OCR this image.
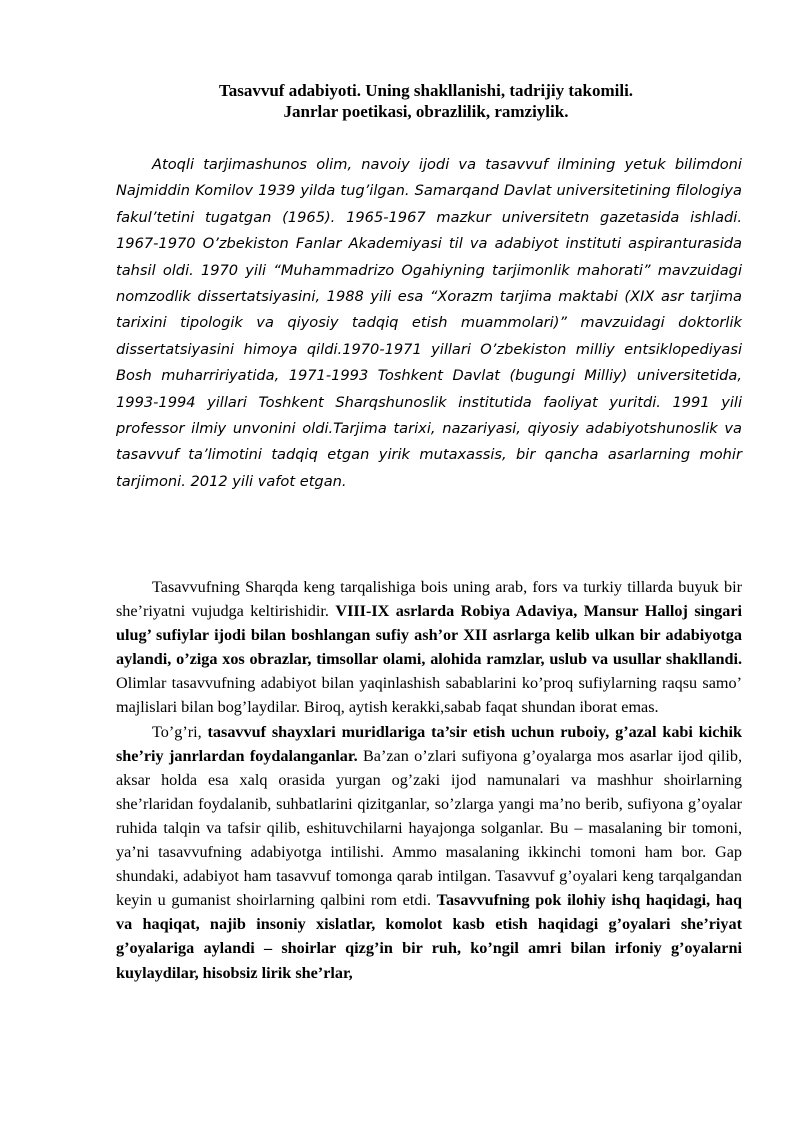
Tasavvuf adabiyoti. Uning shakllanishi, tadrijiy takomili.
Janrlar poetikasi, obrazlilik, ramziylik.

Atoqli tarjimashunos olim, navoiy ijodi va tasavvuf ilmining yetuk bilimdoni Najmiddin Komilov 1939 yilda tug’ilgan. Samarqand Davlat universitetining filologiya fakul’tetini tugatgan (1965). 1965-1967 mazkur universitetn gazetasida ishladi. 1967-1970 O’zbekiston Fanlar Akademiyasi til va adabiyot instituti aspiranturasida tahsil oldi. 1970 yili “Muhammadrizo Ogahiyning tarjimonlik mahorati” mavzuidagi nomzodlik dissertatsiyasini, 1988 yili esa “Xorazm tarjima maktabi (XIX asr tarjima tarixini tipologik va qiyosiy tadqiq etish muammolari)” mavzuidagi doktorlik dissertatsiyasini himoya qildi.1970-1971 yillari O’zbekiston milliy entsiklopediyasi Bosh muharririyatida, 1971-1993 Toshkent Davlat (bugungi Milliy) universitetida, 1993-1994 yillari Toshkent Sharqshunoslik institutida faoliyat yuritdi. 1991 yili professor ilmiy unvonini oldi.Tarjima tarixi, nazariyasi, qiyosiy adabiyotshunoslik va tasavvuf ta’limotini tadqiq etgan yirik mutaxassis, bir qancha asarlarning mohir tarjimoni. 2012 yili vafot etgan.

Tasavvufning Sharqda keng tarqalishiga bois uning arab, fors va turkiy tillarda buyuk bir she’riyatni vujudga keltirishidir. VIII-IX asrlarda Robiya Adaviya, Mansur Halloj singari ulug’ sufiylar ijodi bilan boshlangan sufiy ash’or XII asrlarga kelib ulkan bir adabiyotga aylandi, o’ziga xos obrazlar, timsollar olami, alohida ramzlar, uslub va usullar shakllandi. Olimlar tasavvufning adabiyot bilan yaqinlashish sabablarini ko’proq sufiylarning raqsu samo’ majlislari bilan bog’laydilar. Biroq, aytish kerakki,sabab faqat shundan iborat emas.

To’g’ri, tasavvuf shayxlari muridlariga ta’sir etish uchun ruboiy, g’azal kabi kichik she’riy janrlardan foydalanganlar. Ba’zan o’zlari sufiyona g’oyalarga mos asarlar ijod qilib, aksar holda esa xalq orasida yurgan og’zaki ijod namunalari va mashhur shoirlarning she’rlaridan foydalanib, suhbatlarini qizitganlar, so’zlarga yangi ma’no berib, sufiyona g’oyalar ruhida talqin va tafsir qilib, eshituvchilarni hayajonga solganlar. Bu – masalaning bir tomoni, ya’ni tasavvufning adabiyotga intilishi. Ammo masalaning ikkinchi tomoni ham bor. Gap shundaki, adabiyot ham tasavvuf tomonga qarab intilgan. Tasavvuf g’oyalari keng tarqalgandan keyin u gumanist shoirlarning qalbini rom etdi. Tasavvufning pok ilohiy ishq haqidagi, haq va haqiqat, najib insoniy xislatlar, komolot kasb etish haqidagi g’oyalari she’riyat g’oyalariga aylandi – shoirlar qizg’in bir ruh, ko’ngil amri bilan irfoniy g’oyalarni kuylaydilar, hisobsiz lirik she’rlar,
